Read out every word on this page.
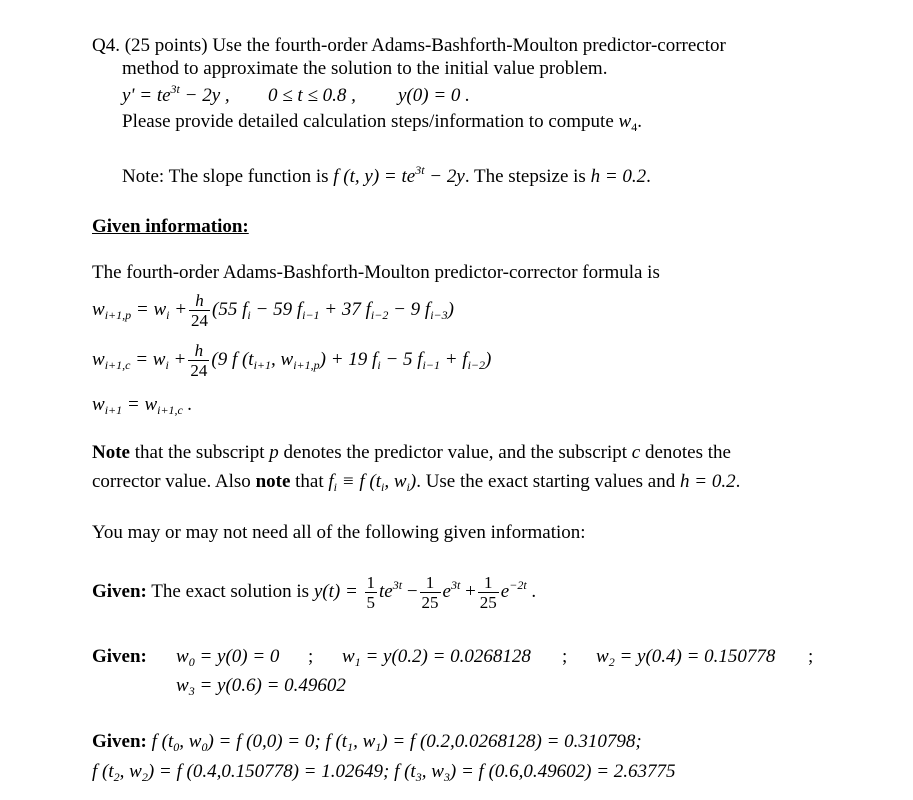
Q4. (25 points) Use the fourth-order Adams-Bashforth-Moulton predictor-corrector
method to approximate the solution to the initial value problem.
$y' = te^{3t} - 2y$ , 0 ≤ t ≤ 0.8 , y(0) = 0 .
Please provide detailed calculation steps/information to compute $w_4$.
Note: The slope function is f (t, $y) = te^{3t} - 2y$. The stepsize is h = 0.2.
Given information:
The fourth-order Adams-Bashforth-Moulton predictor-corrector formula is
$w_{i+1,p} = w_i + \frac{h}{24} (55$ $f_i - 59$ $f_{i-1} + 37$ $f_{i-2} - 9$ $f_{i-3}$)
$w_{i+1,c} = w_i + \frac{h}{24} (9$ f ($t_{i+1}$, $w_{i+1,p}) + 19$ $f_i - 5$ $f_{i-1} + f_{i-2}$)
$w_{i+1} = w_{i+1,c}$ .
Note that the subscript p denotes the predictor value, and the subscript c denotes the
corrector value. Also note that $f_i \equiv f$ ($t_i$, $w_i$). Use the exact starting values and h = 0.2.
You may or may not need all of the following given information:
Given: The exact solution is $y(t) = \frac{1}{5} te^{3t} - \frac{1}{25} e^{3t} + \frac{1}{25} e^{-2t}$ .
Given: $w_0 = y(0) = 0$ ; $w_1 = y(0.2) = 0.0268128$ ; $w_2 = y(0.4) = 0.150778$ ;
$w_3 = y(0.6) = 0.49602$
Given: f ($t_0$, $w_0) = f$ (0,0) = 0; f ($t_1$, $w_1) = f$ (0.2,0.0268128) = 0.310798;
f ($t_2$, $w_2) = f$ (0.4,0.150778) = 1.02649; f ($t_3$, $w_3) = f$ (0.6,0.49602) = 2.63775
